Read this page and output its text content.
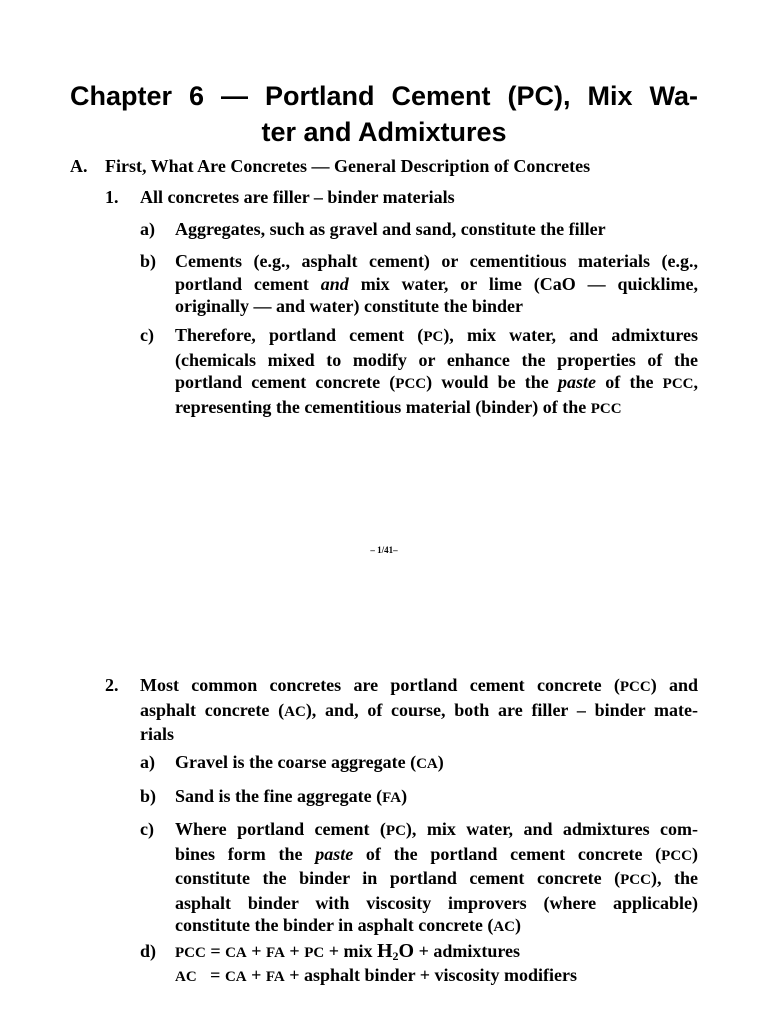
Chapter 6 — Portland Cement (PC), Mix Wa-
ter and Admixtures
A. First, What Are Concretes — General Description of Concretes
1. All concretes are filler – binder materials
a) Aggregates, such as gravel and sand, constitute the filler
b) Cements (e.g., asphalt cement) or cementitious materials (e.g.,
portland cement and mix water, or lime (CaO — quicklime,
originally — and water) constitute the binder
c) Therefore, portland cement (PC), mix water, and admixtures
(chemicals mixed to modify or enhance the properties of the
portland cement concrete (PCC) would be the paste of the PCC,
representing the cementitious material (binder) of the PCC
– 1/41–
2. Most common concretes are portland cement concrete (PCC) and
asphalt concrete (AC), and, of course, both are filler – binder mate-
rials
a) Gravel is the coarse aggregate (CA)
b) Sand is the fine aggregate (FA)
c) Where portland cement (PC), mix water, and admixtures com-
bines form the paste of the portland cement concrete (PCC)
constitute the binder in portland cement concrete (PCC), the
asphalt binder with viscosity improvers (where applicable)
constitute the binder in asphalt concrete (AC)
d) PCC = CA + FA + PC + mix H2O + admixtures
AC   = CA + FA + asphalt binder + viscosity modifiers
